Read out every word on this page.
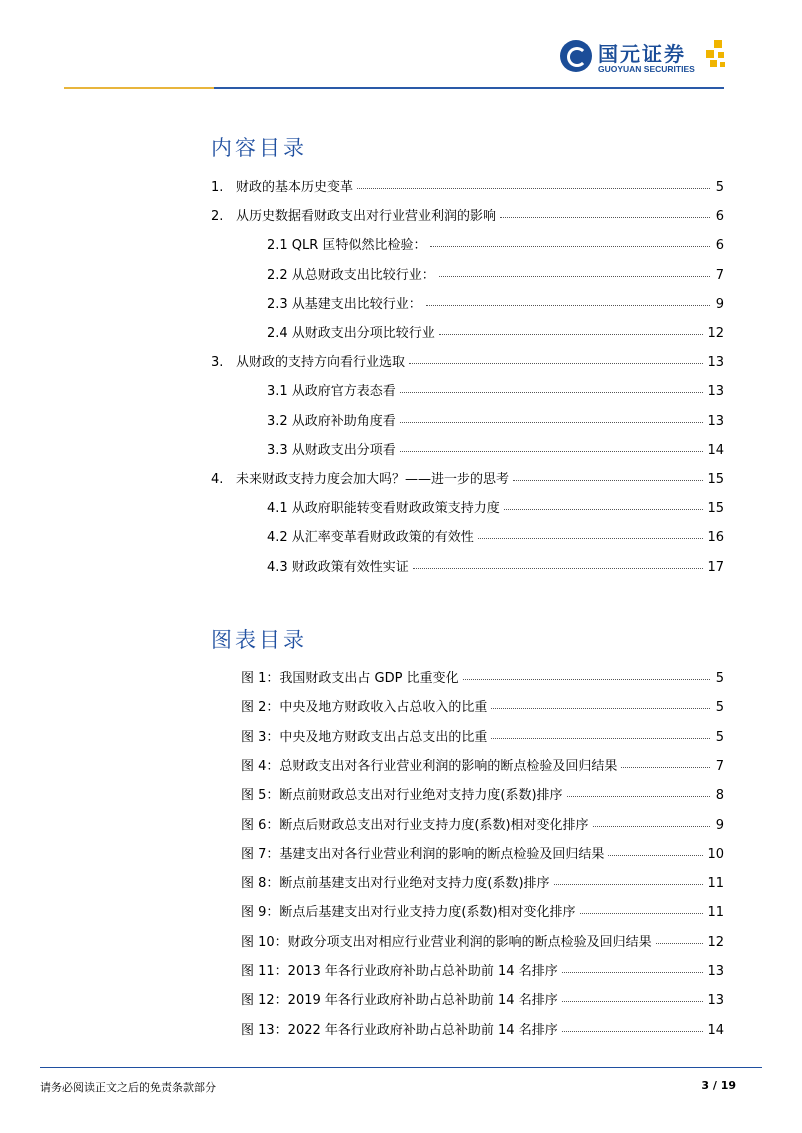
国元证券
GUOYUAN SECURITIES
内容目录
1. 财政的基本历史变革	5
2. 从历史数据看财政支出对行业营业利润的影响	6
2.1 QLR 匡特似然比检验：	6
2.2 从总财政支出比较行业：	7
2.3 从基建支出比较行业：	9
2.4 从财政支出分项比较行业	12
3. 从财政的支持方向看行业选取	13
3.1 从政府官方表态看	13
3.2 从政府补助角度看	13
3.3 从财政支出分项看	14
4. 未来财政支持力度会加大吗？——进一步的思考	15
4.1 从政府职能转变看财政政策支持力度	15
4.2 从汇率变革看财政政策的有效性	16
4.3 财政政策有效性实证	17
图表目录
图 1：我国财政支出占 GDP 比重变化	5
图 2：中央及地方财政收入占总收入的比重	5
图 3：中央及地方财政支出占总支出的比重	5
图 4：总财政支出对各行业营业利润的影响的断点检验及回归结果	7
图 5：断点前财政总支出对行业绝对支持力度(系数)排序	8
图 6：断点后财政总支出对行业支持力度(系数)相对变化排序	9
图 7：基建支出对各行业营业利润的影响的断点检验及回归结果	10
图 8：断点前基建支出对行业绝对支持力度(系数)排序	11
图 9：断点后基建支出对行业支持力度(系数)相对变化排序	11
图 10：财政分项支出对相应行业营业利润的影响的断点检验及回归结果	12
图 11：2013 年各行业政府补助占总补助前 14 名排序	13
图 12：2019 年各行业政府补助占总补助前 14 名排序	13
图 13：2022 年各行业政府补助占总补助前 14 名排序	14
请务必阅读正文之后的免责条款部分	3 / 19
